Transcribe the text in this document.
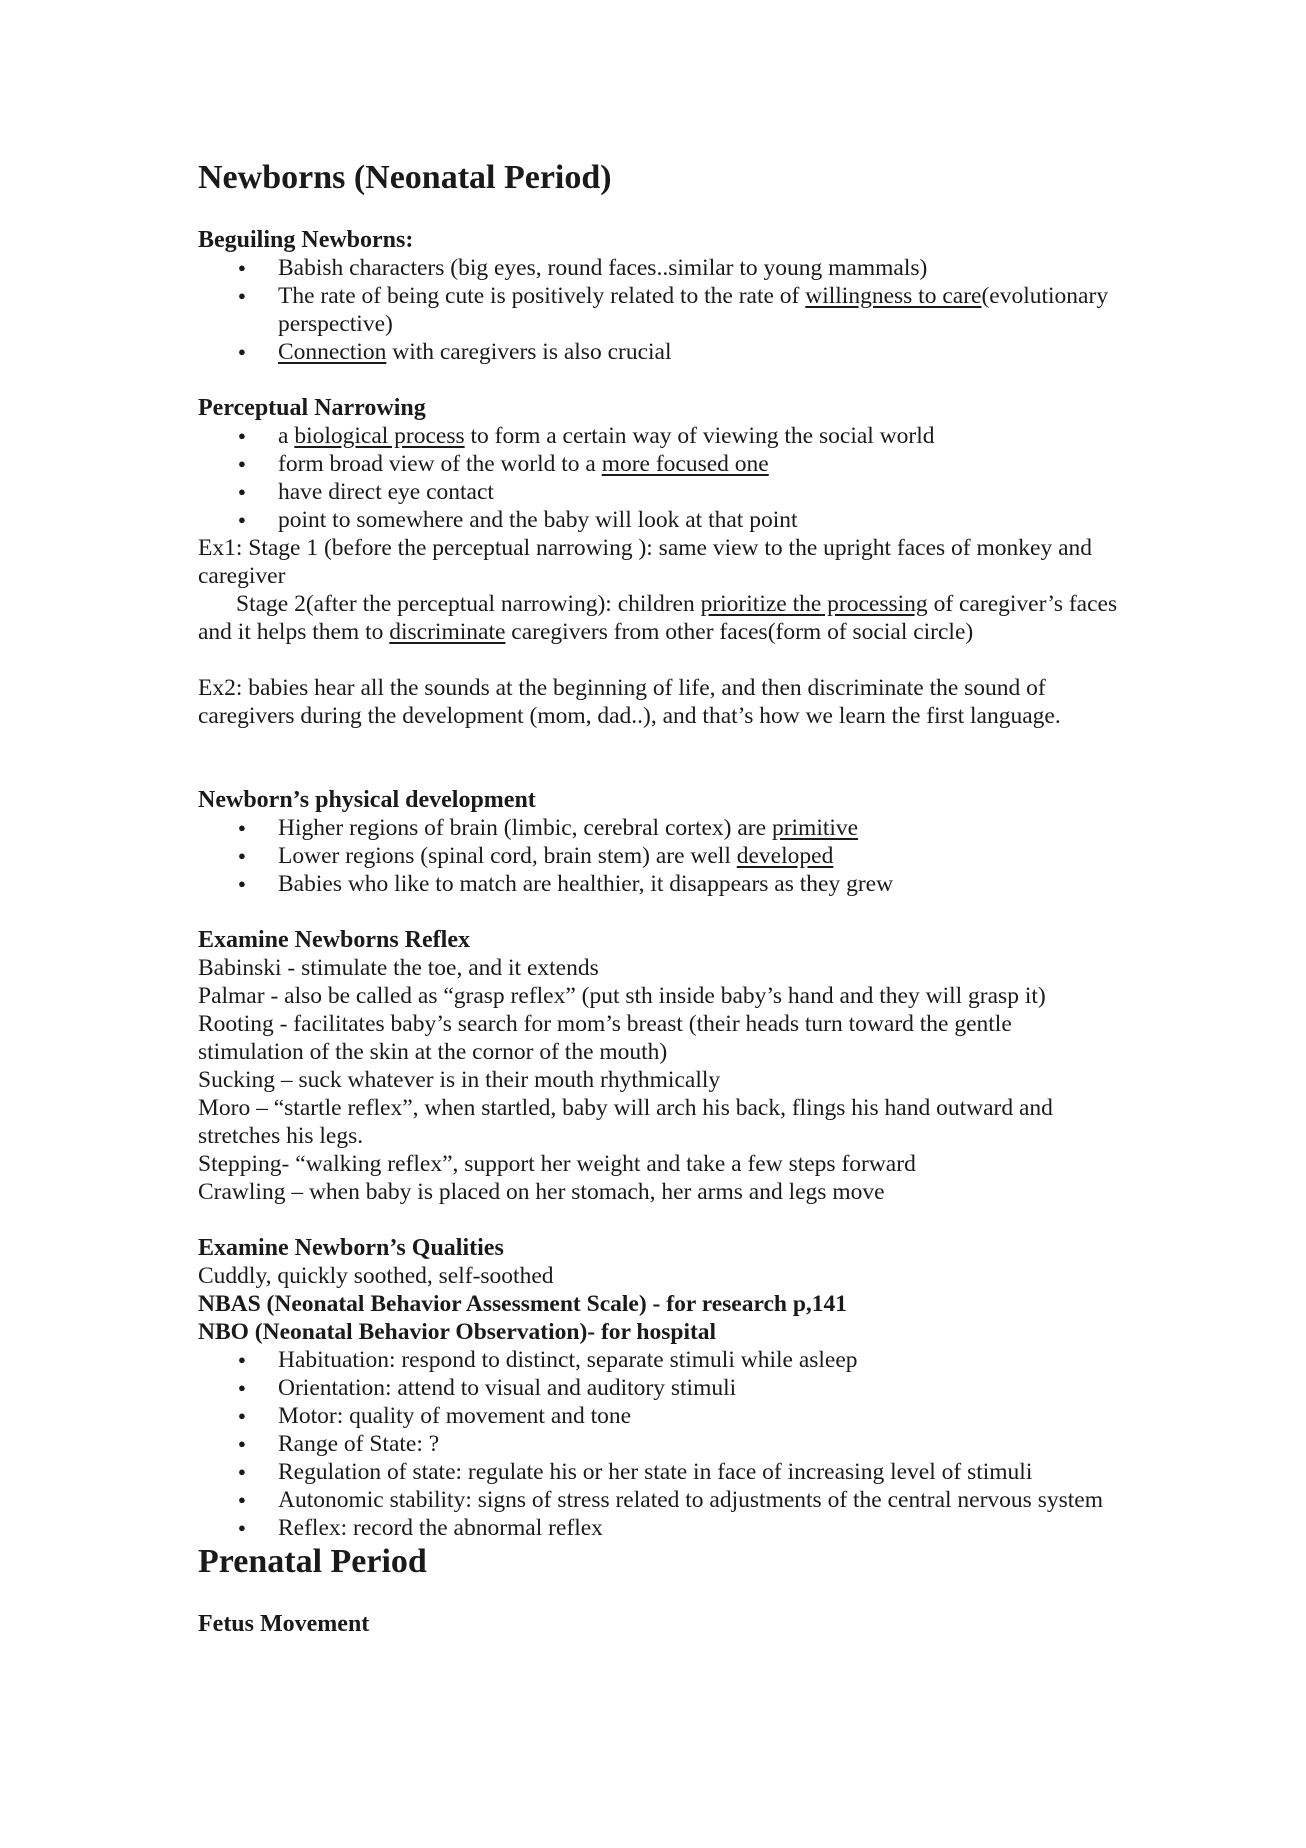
Newborns (Neonatal Period)
Beguiling Newborns:
● Babish characters (big eyes, round faces..similar to young mammals)
● The rate of being cute is positively related to the rate of willingness to care(evolutionary perspective)
● Connection with caregivers is also crucial
Perceptual Narrowing
● a biological process to form a certain way of viewing the social world
● form broad view of the world to a more focused one
● have direct eye contact
● point to somewhere and the baby will look at that point

Ex1: Stage 1 (before the perceptual narrowing ): same view to the upright faces of monkey and caregiver

Stage 2(after the perceptual narrowing): children prioritize the processing of caregiver’s faces and it helps them to discriminate caregivers from other faces(form of social circle)

Ex2: babies hear all the sounds at the beginning of life, and then discriminate the sound of caregivers during the development (mom, dad..), and that’s how we learn the first language.

Newborn’s physical development
● Higher regions of brain (limbic, cerebral cortex) are primitive
● Lower regions (spinal cord, brain stem) are well developed
● Babies who like to match are healthier, it disappears as they grew
Examine Newborns Reflex

Babinski - stimulate the toe, and it extends

Palmar - also be called as “grasp reflex” (put sth inside baby’s hand and they will grasp it)

Rooting - facilitates baby’s search for mom’s breast (their heads turn toward the gentle stimulation of the skin at the cornor of the mouth)

Sucking – suck whatever is in their mouth rhythmically

Moro – “startle reflex”, when startled, baby will arch his back, flings his hand outward and stretches his legs.

Stepping- “walking reflex”, support her weight and take a few steps forward

Crawling – when baby is placed on her stomach, her arms and legs move

Examine Newborn’s Qualities

Cuddly, quickly soothed, self-soothed

NBAS (Neonatal Behavior Assessment Scale) - for research p,141

NBO (Neonatal Behavior Observation)- for hospital

● Habituation: respond to distinct, separate stimuli while asleep
● Orientation: attend to visual and auditory stimuli
● Motor: quality of movement and tone
● Range of State: ?
● Regulation of state: regulate his or her state in face of increasing level of stimuli
● Autonomic stability: signs of stress related to adjustments of the central nervous system
● Reflex: record the abnormal reflex
Prenatal Period
Fetus Movement
